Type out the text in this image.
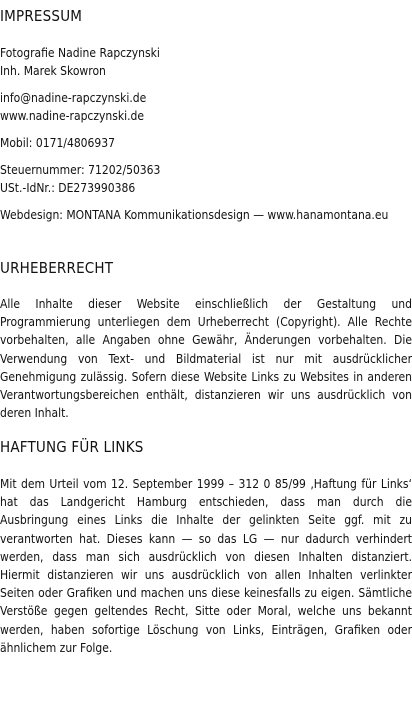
IMPRESSUM

Fotografie Nadine Rapczynski

Inh. Marek Skowron

info@nadine-rapczynski.de

www.nadine-rapczynski.de

Mobil: 0171/4806937

Steuernummer: 71202/50363

USt.-IdNr.: DE273990386

Webdesign: MONTANA Kommunikationsdesign — www.hanamontana.eu

URHEBERRECHT

Alle Inhalte dieser Website einschließlich der Gestaltung und Programmierung unterliegen dem Urheberrecht (Copyright). Alle Rechte vorbehalten, alle Angaben ohne Gewähr, Änderungen vorbehalten. Die Verwendung von Text- und Bildmaterial ist nur mit ausdrücklicher Genehmigung zulässig. Sofern diese Website Links zu Websites in anderen Verantwortungsbereichen enthält, distanzieren wir uns ausdrücklich von deren Inhalt.

HAFTUNG FÜR LINKS

Mit dem Urteil vom 12. September 1999 – 312 0 85/99 ‚Haftung für Links‘ hat das Landgericht Hamburg entschieden, dass man durch die Ausbringung eines Links die Inhalte der gelinkten Seite ggf. mit zu verantworten hat. Dieses kann — so das LG — nur dadurch verhindert werden, dass man sich ausdrücklich von diesen Inhalten distanziert. Hiermit distanzieren wir uns ausdrücklich von allen Inhalten verlinkter Seiten oder Grafiken und machen uns diese keinesfalls zu eigen. Sämtliche Verstöße gegen geltendes Recht, Sitte oder Moral, welche uns bekannt werden, haben sofortige Löschung von Links, Einträgen, Grafiken oder ähnlichem zur Folge.
